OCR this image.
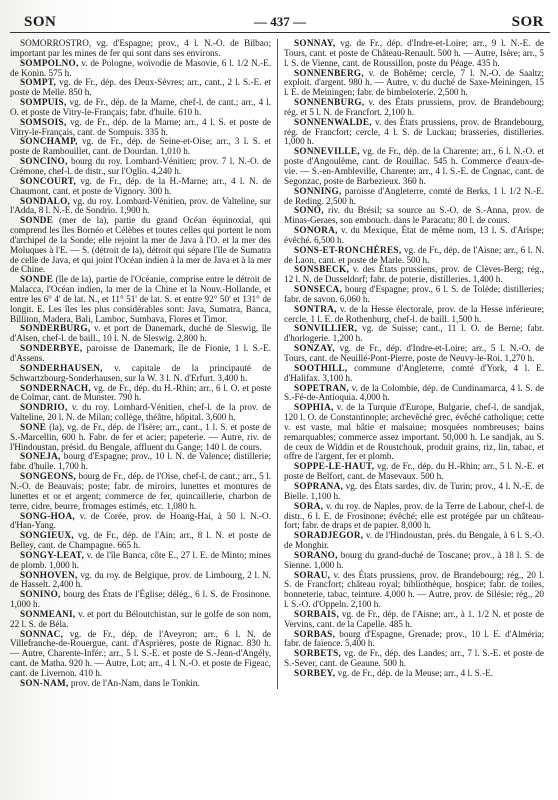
SON	— 437 —	SOR

SOMORROSTRO, vg. d'Espagne; prov., 4 l. N.-O. de Bilbao; important par les mines de fer qui sont dans ses environs.

SOMPOLNO, v. de Pologne, woïvodie de Masovie, 6 l. 1/2 N.-E. de Konin. 575 h.

SOMPT, vg. de Fr., dép. des Deux-Sèvres; arr., cant., 2 l. S.-E. et poste de Melle. 850 h.

SOMPUIS, vg. de Fr., dép. de la Marne, chef-l. de cant.; arr., 4 l. O. et poste de Vitry-le-Français; fabr. d'huile. 610 h.

SOMSOIS, vg. de Fr., dép. de la Marne; arr., 4 l. S. et poste de Vitry-le-Français, cant. de Sompuis. 335 h.

SONCHAMP, vg. de Fr., dép. de Seine-et-Oise; arr., 3 l. S. et poste de Rambouillet, cant. de Dourdan. 1,010 h.

SONCINO, bourg du roy. Lombard-Vénitien; prov. 7 l. N.-O. de Crémone, chef-l. de distr., sur l'Oglio. 4,240 h.

SONCOURT, vg. de Fr., dép. de la H.-Marne; arr., 4 l. N. de Chaumont, cant. et poste de Vignory. 300 h.

SONDALO, vg. du roy. Lombard-Vénitien, prov. de Valteline, sur l'Adda, 8 l. N.-E. de Sondrio. 1,900 h.

SONDE (mer de la), partie du grand Océan équinoxial, qui comprend les îles Bornéo et Célèbes et toutes celles qui portent le nom d'archipel de la Sonde; elle rejoint la mer de Java à l'O. et la mer des Moluques à l'E. — S. (détroit de la), détroit qui sépare l'île de Sumatra de celle de Java, et qui joint l'Océan indien à la mer de Java et à la mer de Chine.

SONDE (île de la), partie de l'Océanie, comprise entre le détroit de Malacca, l'Océan indien, la mer de la Chine et la Nouv.-Hollande, et entre les 6° 4' de lat. N., et 11° 51' de lat. S. et entre 92° 50' et 131° de longit. E. Les îles les plus considérables sont: Java, Sumatra, Banca, Billiton, Madera, Bali, Lamboc, Sumbava, Flores et Timor.

SONDERBURG, v. et port de Danemark, duché de Sleswig, île d'Alsen, chef-l. de baill., 10 l. N. de Sleswig. 2,800 h.

SONDERBYE, paroisse de Danemark, île de Fionie, 1 l. S.-E. d'Assens.

SONDERHAUSEN, v. capitale de la principauté de Schwartzbourg-Sonderhausen, sur la W. 3 l. N. d'Erfurt. 3,400 h.

SONDERNACH, vg. de Fr., dép. du H.-Rhin; arr., 6 l. O. et poste de Colmar, cant. de Munster. 790 h.

SONDRIO, v. du roy. Lombard-Vénitien, chef-l. de la prov. de Valteline, 20 l. N. de Milan; collège, théâtre, hôpital. 3,600 h.

SONE (la), vg. de Fr., dép. de l'Isère; arr., cant., 1 l. S. et poste de S.-Marcellin, 600 h. Fabr. de fer et acier; papeterie. — Autre, riv. de l'Hindoustan, présid. du Bengale, affluent du Gange; 140 l. de cours.

SONEJA, bourg d'Espagne; prov., 10 l. N. de Valence; distillerie; fabr. d'huile. 1,700 h.

SONGEONS, bourg de Fr., dép. de l'Oise, chef-l. de cant.; arr., 5 l. N.-O. de Beauvais; poste; fabr. de miroirs, lunettes et montures de lunettes et or et argent; commerce de fer, quincaillerie, charbon de terre, cidre, beurre, fromages estimés, etc. 1,080 h.

SONG-HOA, v. de Corée, prov. de Hoang-Hai, à 50 l. N.-O. d'Han-Yang.

SONGIEUX, vg. de Fr., dép. de l'Ain; arr., 8 l. N. et poste de Belley, cant. de Champagne. 665 h.

SONGY-LEAT, v. de l'île Banca, côte E., 27 l. E. de Minto; mines de plomb. 1,000 h.

SONHOVEN, vg. du roy. de Belgique, prov. de Limbourg, 2 l. N. de Hasselt. 2,400 h.

SONINO, bourg des États de l'Église; délég., 6 l. S. de Frosinone. 1,000 h.

SONMEANI, v. et port du Béloutchistan, sur le golfe de son nom, 22 l. S. de Béla.

SONNAC, vg. de Fr., dép. de l'Aveyron; arr., 6 l. N. de Villefranche-de-Rouergue, cant. d'Asprières, poste de Rignac. 830 h. — Autre, Charente-Infér.; arr., 5 l. S.-E. et poste de S.-Jean-d'Angély, cant. de Matha. 920 h. — Autre, Lot; arr., 4 l. N.-O. et poste de Figeac, cant. de Livernon. 410 h.

SON-NAM, prov. de l'An-Nam, dans le Tonkin.

SONNAY, vg. de Fr., dép. d'Indre-et-Loire; arr., 9 l. N.-E. de Tours, cant. et poste de Château-Renault. 500 h. — Autre, Isère; arr., 5 l. S. de Vienne, cant. de Roussillon, poste du Péage. 435 h.

SONNENBERG, v. de Bohême; cercle, 7 l. N.-O. de Saaltz; exploit. d'argent. 980 h. — Autre, v. du duché de Saxe-Meiningen, 15 l. E. de Meiningen; fabr. de bimbeloterie. 2,500 h.

SONNENBURG, v. des États prussiens, prov. de Brandebourg; rég. et 5 l. N. de Francfort. 2,100 h.

SONNENWALDE, v. des États prussiens, prov. de Brandebourg, rég. de Francfort; cercle, 4 l. S. de Luckau; brasseries, distilleries. 1,000 h.

SONNEVILLE, vg. de Fr., dép. de la Charente; arr., 6 l. N.-O. et poste d'Angoulême, cant. de Rouillac. 545 h. Commerce d'eaux-de-vie. — S.-en-Ambleville, Charente; arr., 4 l. S.-E. de Cognac, cant. de Segonzac, poste de Barbezieux. 360 h.

SONNING, paroisse d'Angleterre, comté de Berks, 1 l. 1/2 N.-E. de Reding. 2,500 h.

SONO, riv. du Brésil; sa source au S.-O. de S.-Anna, prov. de Minas-Geraes, son embouch. dans le Paracatu; 80 l. de cours.

SONORA, v. du Mexique, État de même nom, 13 l. S. d'Arispe; évêché. 6,500 h.

SONS-ET-RONCHÈRES, vg. de Fr., dép. de l'Aisne; arr., 6 l. N. de Laon, cant. et poste de Marle. 500 h.

SONSBECK, v. des États prussiens, prov. de Clèves-Berg; rég., 12 l. N. de Dusseldorf; fabr. de poterie, distilleries. 1,400 h.

SONSECA, bourg d'Espagne; prov., 6 l. S. de Tolède; distilleries; fabr. de savon. 6,060 h.

SONTRA, v. de la Hesse électorale, prov. de la Hesse inférieure; cercle, 1 l. E. de Rothenburg, chef-l. de baill. 1,500 h.

SONVILLIER, vg. de Suisse; cant., 11 l. O. de Berne; fabr. d'horlogerie. 1,200 h.

SONZAY, vg. de Fr., dép. d'Indre-et-Loire; arr., 5 l. N.-O. de Tours, cant. de Neuillé-Pont-Pierre, poste de Neuvy-le-Roi. 1,270 h.

SOOTHILL, commune d'Angleterre, comté d'York, 4 l. E. d'Halifax. 3,100 h.

SOPETRAN, v. de la Colombie, dép. de Cundinamarca, 4 l. S. de S.-Fé-de-Antioquia. 4,000 h.

SOPHIA, v. de la Turquie d'Europe, Bulgarie, chef-l. de sandjak, 120 l. O. de Constantinople; archevêché grec, évêché catholique; cette v. est vaste, mal bâtie et malsaine; mosquées nombreuses; bains remarquables; commerce assez important. 50,000 h. Le sandjak, au S. de ceux de Widdin et de Roustchouk, produit grains, riz, lin, tabac, et offre de l'argent, fer et plomb.

SOPPE-LE-HAUT, vg. de Fr., dép. du H.-Rhin; arr., 5 l. N.-E. et poste de Belfort, cant. de Masevaux. 500 h.

SOPRANA, vg. des États sardes, div. de Turin; prov., 4 l. N.-E. de Bielle. 1,100 h.

SORA, v. du roy. de Naples, prov. de la Terre de Labour, chef-l. de distr., 6 l. E. de Frosinone; évêché; elle est protégée par un château-fort; fabr. de draps et de papier. 8,000 h.

SORADJEGOR, v. de l'Hindoustan, prés. du Bengale, à 6 l. S.-O. de Monghir.

SORANO, bourg du grand-duché de Toscane; prov., à 18 l. S. de Sienne. 1,000 h.

SORAU, v. des États prussiens, prov. de Brandebourg; rég., 20 l. S. de Francfort; château royal; bibliothèque, hospice; fabr. de toiles, bonneterie, tabac, teinture. 4,000 h. — Autre, prov. de Silésie; rég., 20 l. S.-O. d'Oppeln. 2,100 h.

SORBAIS, vg. de Fr., dép. de l'Aisne; arr., à 1. 1/2 N. et poste de Vervins, cant. de la Capelle. 485 h.

SORBAS, bourg d'Espagne, Grenade; prov., 10 l. E. d'Alméria; fabr. de faïence. 5,400 h.

SORBETS, vg. de Fr., dép. des Landes; arr., 7 l. S.-E. et poste de S.-Sever, cant. de Geaune. 500 h.

SORBEY, vg. de Fr., dép. de la Meuse; arr., 4 l. S.-E.
